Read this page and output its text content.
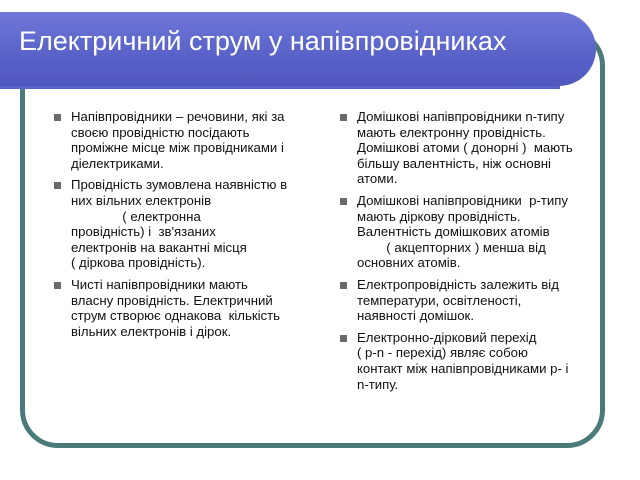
Електричний струм у напівпровідниках
Напівпровідники – речовини, які за
своєю провідністю посідають
проміжне місце між провідниками і
діелектриками.
Провідність зумовлена наявністю в
них вільних електронів
( електронна
провідність) і  зв'язаних
електронів на вакантні місця
( діркова провідність).
Чисті напівпровідники мають
власну провідність. Електричний
струм створює однакова  кількість
вільних електронів і дірок.
Домішкові напівпровідники n-типу
мають електронну провідність.
Домішкові атоми ( донорні )  мають
більшу валентність, ніж основні
атоми.
Домішкові напівпровідники  р-типу
мають діркову провідність.
Валентність домішкових атомів
( акцепторних ) менша від
основних атомів.
Електропровідність залежить від
температури, освітленості,
наявності домішок.
Електронно-дірковий перехід
( p-n - перехід) являє собою
контакт між напівпровідниками р- і
n-типу.
